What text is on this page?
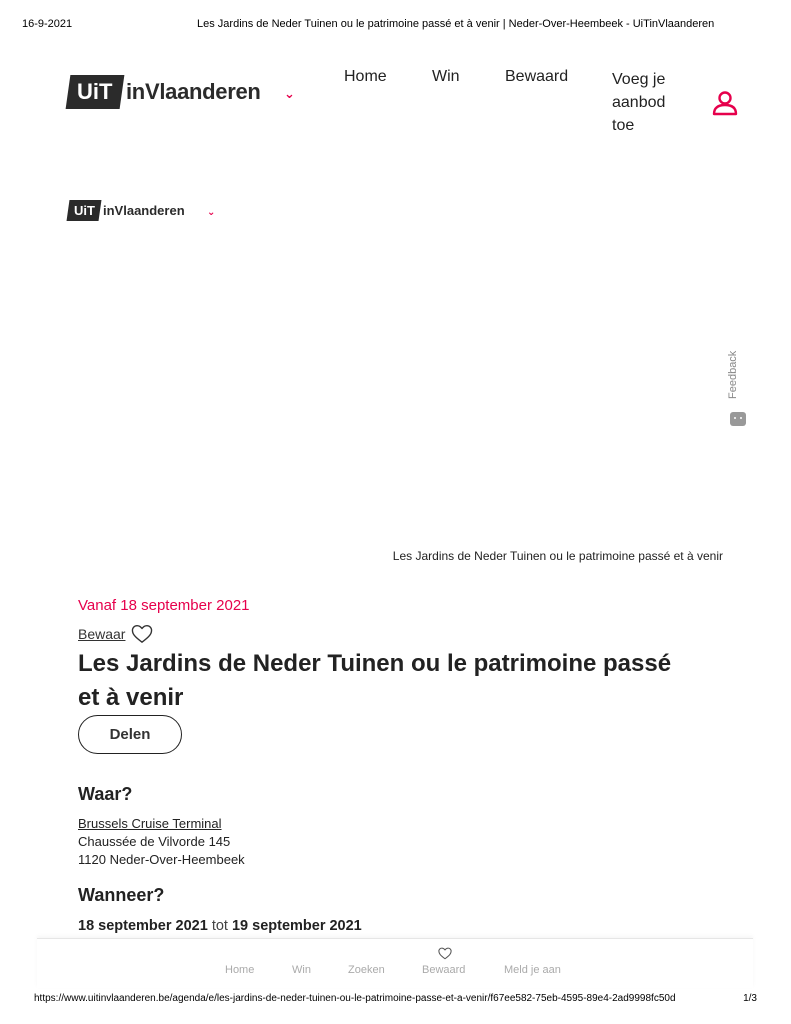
16-9-2021	Les Jardins de Neder Tuinen ou le patrimoine passé et à venir | Neder-Over-Heembeek - UiTinVlaanderen
UiT inVlaanderen ⌄
Home	Win	Bewaard	Voeg je aanbod toe
UiT inVlaanderen ⌄
Feedback
Les Jardins de Neder Tuinen ou le patrimoine passé et à venir
Vanaf 18 september 2021
Bewaar
Les Jardins de Neder Tuinen ou le patrimoine passé et à venir
Delen
Waar?
Brussels Cruise Terminal
Chaussée de Vilvorde 145
1120 Neder-Over-Heembeek
Wanneer?
18 september 2021 tot 19 september 2021
Home	Win	Zoeken	Bewaard	Meld je aan
https://www.uitinvlaanderen.be/agenda/e/les-jardins-de-neder-tuinen-ou-le-patrimoine-passe-et-a-venir/f67ee582-75eb-4595-89e4-2ad9998fc50d	1/3
